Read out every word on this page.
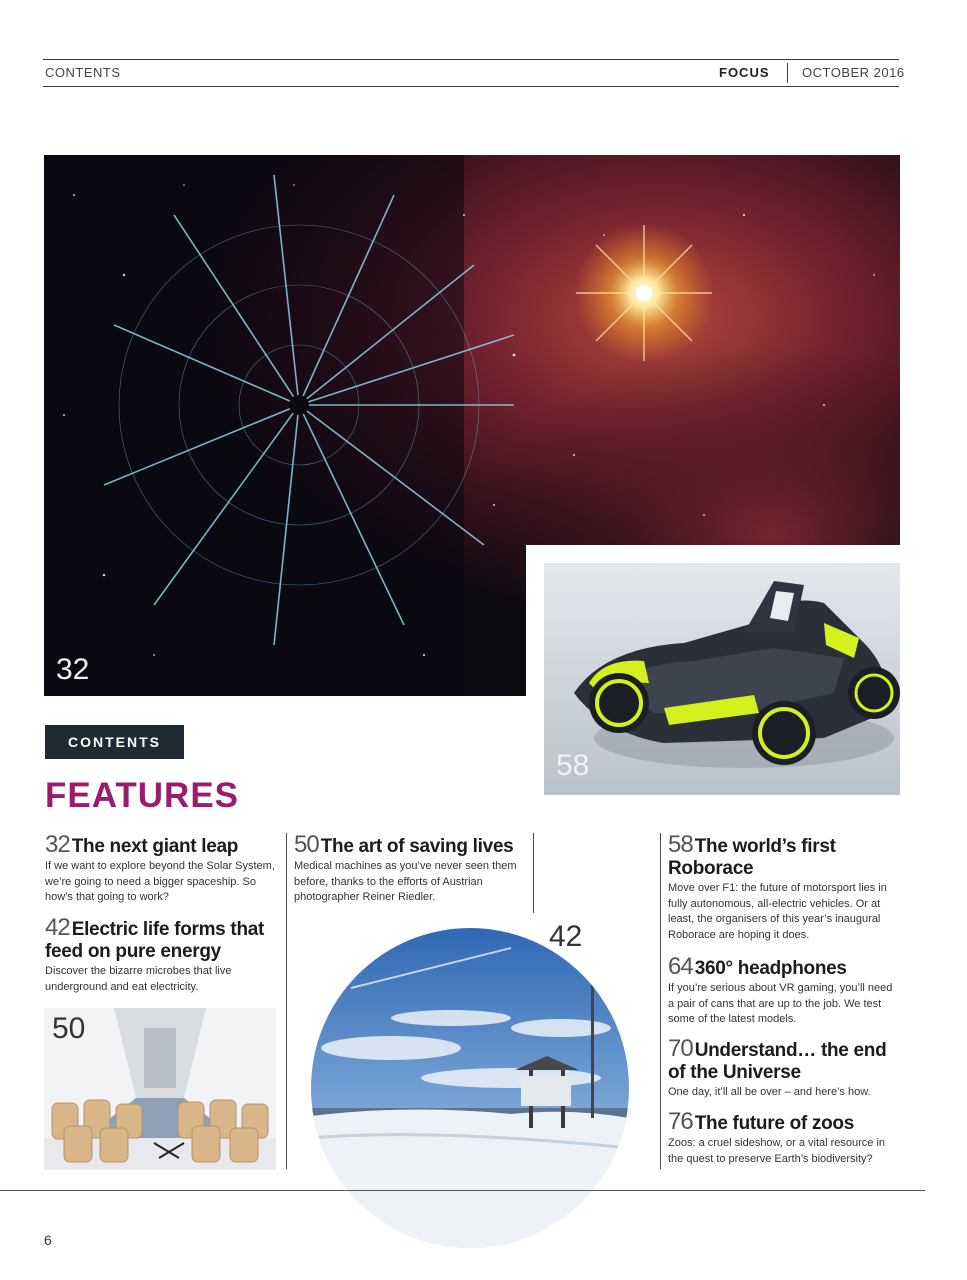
CONTENTS	FOCUS	OCTOBER 2016
32
58
CONTENTS
FEATURES
32 The next giant leap
If we want to explore beyond the Solar System, we’re going to need a bigger spaceship. So how’s that going to work?
42 Electric life forms that feed on pure energy
Discover the bizarre microbes that live underground and eat electricity.
50
50 The art of saving lives
Medical machines as you’ve never seen them before, thanks to the efforts of Austrian photographer Reiner Riedler.
42
58 The world’s first Roborace
Move over F1: the future of motorsport lies in fully autonomous, all-electric vehicles. Or at least, the organisers of this year’s inaugural Roborace are hoping it does.
64 360° headphones
If you’re serious about VR gaming, you’ll need a pair of cans that are up to the job. We test some of the latest models.
70 Understand… the end of the Universe
One day, it’ll all be over – and here’s how.
76 The future of zoos
Zoos: a cruel sideshow, or a vital resource in the quest to preserve Earth’s biodiversity?
6
